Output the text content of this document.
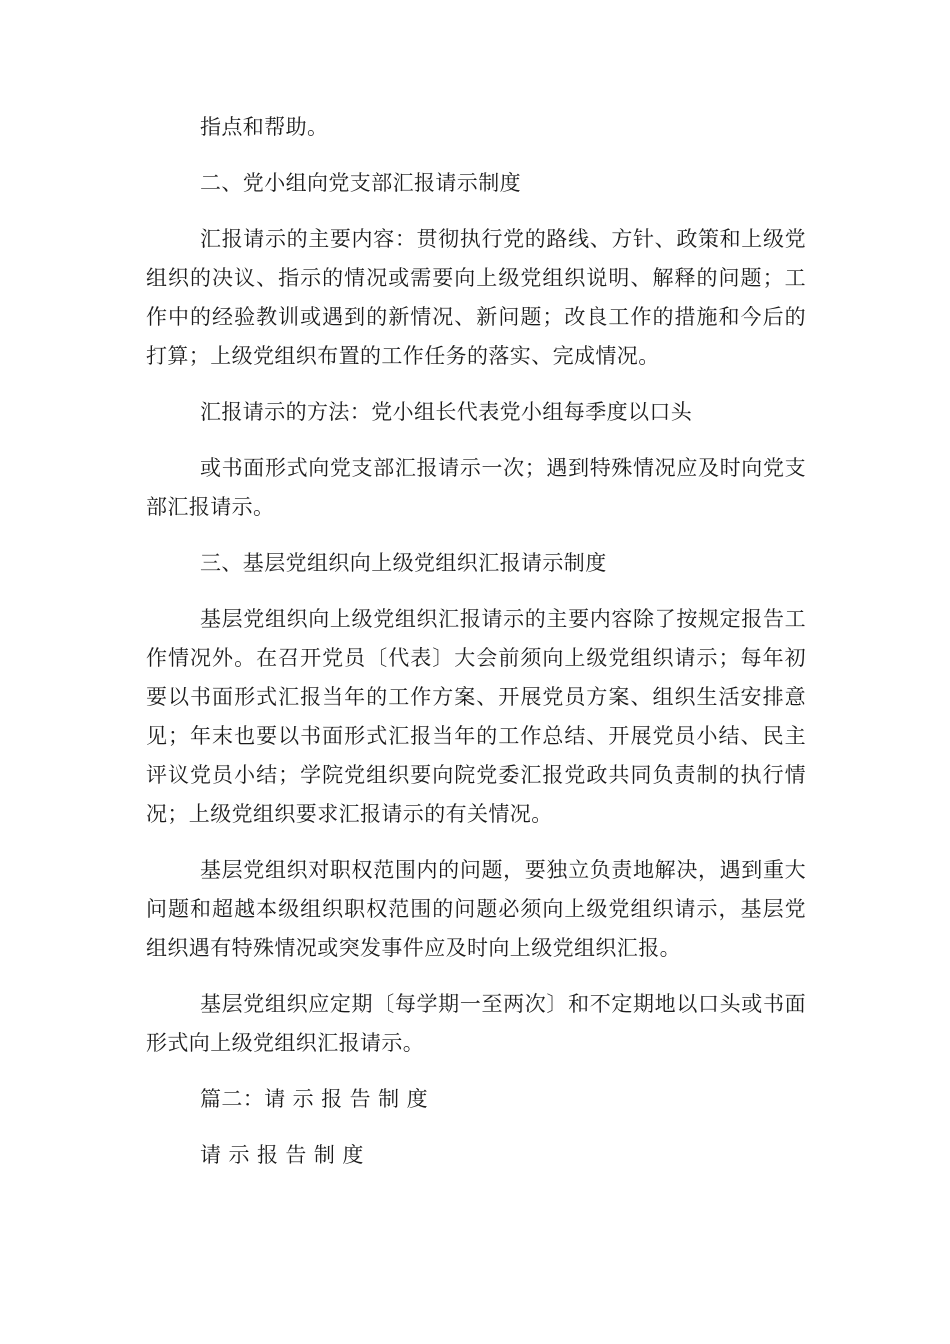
指点和帮助。

二、党小组向党支部汇报请示制度

汇报请示的主要内容：贯彻执行党的路线、方针、政策和上级党组织的决议、指示的情况或需要向上级党组织说明、解释的问题；工作中的经验教训或遇到的新情况、新问题；改良工作的措施和今后的打算；上级党组织布置的工作任务的落实、完成情况。

汇报请示的方法：党小组长代表党小组每季度以口头

或书面形式向党支部汇报请示一次；遇到特殊情况应及时向党支部汇报请示。

三、基层党组织向上级党组织汇报请示制度

基层党组织向上级党组织汇报请示的主要内容除了按规定报告工作情况外。在召开党员〔代表〕大会前须向上级党组织请示；每年初要以书面形式汇报当年的工作方案、开展党员方案、组织生活安排意见；年末也要以书面形式汇报当年的工作总结、开展党员小结、民主评议党员小结；学院党组织要向院党委汇报党政共同负责制的执行情况；上级党组织要求汇报请示的有关情况。

基层党组织对职权范围内的问题，要独立负责地解决，遇到重大问题和超越本级组织职权范围的问题必须向上级党组织请示，基层党组织遇有特殊情况或突发事件应及时向上级党组织汇报。

基层党组织应定期〔每学期一至两次〕和不定期地以口头或书面形式向上级党组织汇报请示。

篇二：请 示 报 告 制 度

请 示 报 告 制 度
